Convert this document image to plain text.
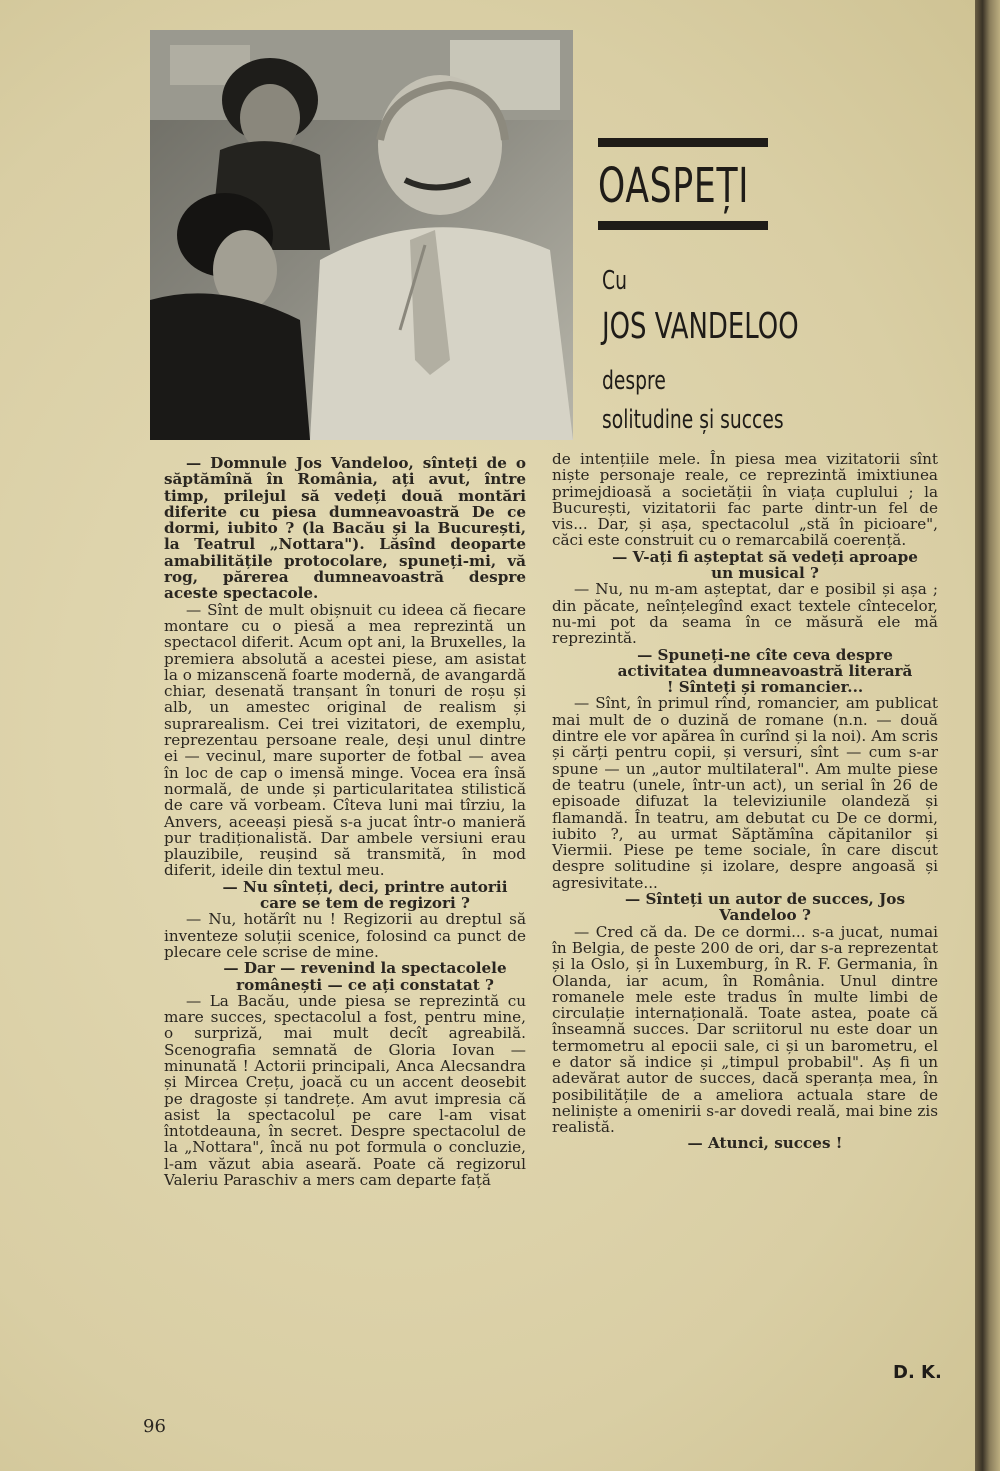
OASPEȚI
Cu
JOS VANDELOO
despre
solitudine și succes

— Domnule Jos Vandeloo, sînteți de o săptămînă în România, ați avut, între timp, prilejul să vedeți două montări diferite cu piesa dumneavoastră De ce dormi, iubito ? (la Bacău și la București, la Teatrul „Nottara"). Lăsînd deoparte amabilitățile protocolare, spuneți-mi, vă rog, părerea dumneavoastră despre aceste spectacole.

— Sînt de mult obișnuit cu ideea că fiecare montare cu o piesă a mea reprezintă un spectacol diferit. Acum opt ani, la Bruxelles, la premiera absolută a acestei piese, am asistat la o mizanscenă foarte modernă, de avangardă chiar, desenată tranșant în tonuri de roșu și alb, un amestec original de realism și suprarealism. Cei trei vizitatori, de exemplu, reprezentau persoane reale, deși unul dintre ei — vecinul, mare suporter de fotbal — avea în loc de cap o imensă minge. Vocea era însă normală, de unde și particularitatea stilistică de care vă vorbeam. Cîteva luni mai tîrziu, la Anvers, aceeași piesă s-a jucat într-o manieră pur tradiționalistă. Dar ambele versiuni erau plauzibile, reușind să transmită, în mod diferit, ideile din textul meu.

— Nu sînteți, deci, printre autorii care se tem de regizori ?

— Nu, hotărît nu ! Regizorii au dreptul să inventeze soluții scenice, folosind ca punct de plecare cele scrise de mine.

— Dar — revenind la spectacolele românești — ce ați constatat ?

— La Bacău, unde piesa se reprezintă cu mare succes, spectacolul a fost, pentru mine, o surpriză, mai mult decît agreabilă. Scenografia semnată de Gloria Iovan — minunată ! Actorii principali, Anca Alecsandra și Mircea Crețu, joacă cu un accent deosebit pe dragoste și tandrețe. Am avut impresia că asist la spectacolul pe care l-am visat întotdeauna, în secret. Despre spectacolul de la „Nottara", încă nu pot formula o concluzie, l-am văzut abia aseară. Poate că regizorul Valeriu Paraschiv a mers cam departe față

de intențiile mele. În piesa mea vizitatorii sînt niște personaje reale, ce reprezintă imixtiunea primejdioasă a societății în viața cuplului ; la București, vizitatorii fac parte dintr-un fel de vis... Dar, și așa, spectacolul „stă în picioare", căci este construit cu o remarcabilă coerență.

— V-ați fi așteptat să vedeți aproape un musical ?

— Nu, nu m-am așteptat, dar e posibil și așa ; din păcate, neînțelegînd exact textele cîntecelor, nu-mi pot da seama în ce măsură ele mă reprezintă.

— Spuneți-ne cîte ceva despre activitatea dumneavoastră literară ! Sînteți și romancier...

— Sînt, în primul rînd, romancier, am publicat mai mult de o duzină de romane (n.n. — două dintre ele vor apărea în curînd și la noi). Am scris și cărți pentru copii, și versuri, sînt — cum s-ar spune — un „autor multilateral". Am multe piese de teatru (unele, într-un act), un serial în 26 de episoade difuzat la televiziunile olandeză și flamandă. În teatru, am debutat cu De ce dormi, iubito ?, au urmat Săptămîna căpitanilor și Viermii. Piese pe teme sociale, în care discut despre solitudine și izolare, despre angoasă și agresivitate...

— Sînteți un autor de succes, Jos Vandeloo ?

— Cred că da. De ce dormi... s-a jucat, numai în Belgia, de peste 200 de ori, dar s-a reprezentat și la Oslo, și în Luxemburg, în R. F. Germania, în Olanda, iar acum, în România. Unul dintre romanele mele este tradus în multe limbi de circulație internațională. Toate astea, poate că înseamnă succes. Dar scriitorul nu este doar un termometru al epocii sale, ci și un barometru, el e dator să indice și „timpul probabil". Aș fi un adevărat autor de succes, dacă speranța mea, în posibilitățile de a ameliora actuala stare de neliniște a omenirii s-ar dovedi reală, mai bine zis realistă.

— Atunci, succes !

D. K.
96
